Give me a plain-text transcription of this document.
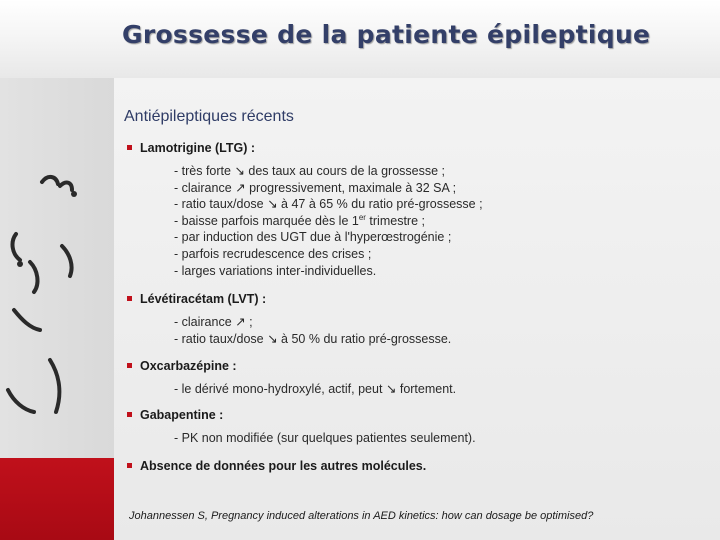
Grossesse de la patiente épileptique
Antiépileptiques récents
Lamotrigine (LTG) :
- très forte ↘ des taux au cours de la grossesse ;
- clairance ↗ progressivement, maximale à 32 SA ;
- ratio taux/dose ↘ à 47 à 65 % du ratio pré-grossesse ;
- baisse parfois marquée dès le 1er trimestre ;
- par induction des UGT due à l'hyperœstrogénie ;
- parfois recrudescence des crises ;
- larges variations inter-individuelles.
Lévétiracétam (LVT) :
- clairance ↗ ;
- ratio taux/dose ↘ à 50 % du ratio pré-grossesse.
Oxcarbazépine :
- le dérivé mono-hydroxylé, actif, peut ↘ fortement.
Gabapentine :
- PK non modifiée (sur quelques patientes seulement).
Absence de données pour les autres molécules.
Johannessen S, Pregnancy induced alterations in AED kinetics: how can dosage be optimised?
